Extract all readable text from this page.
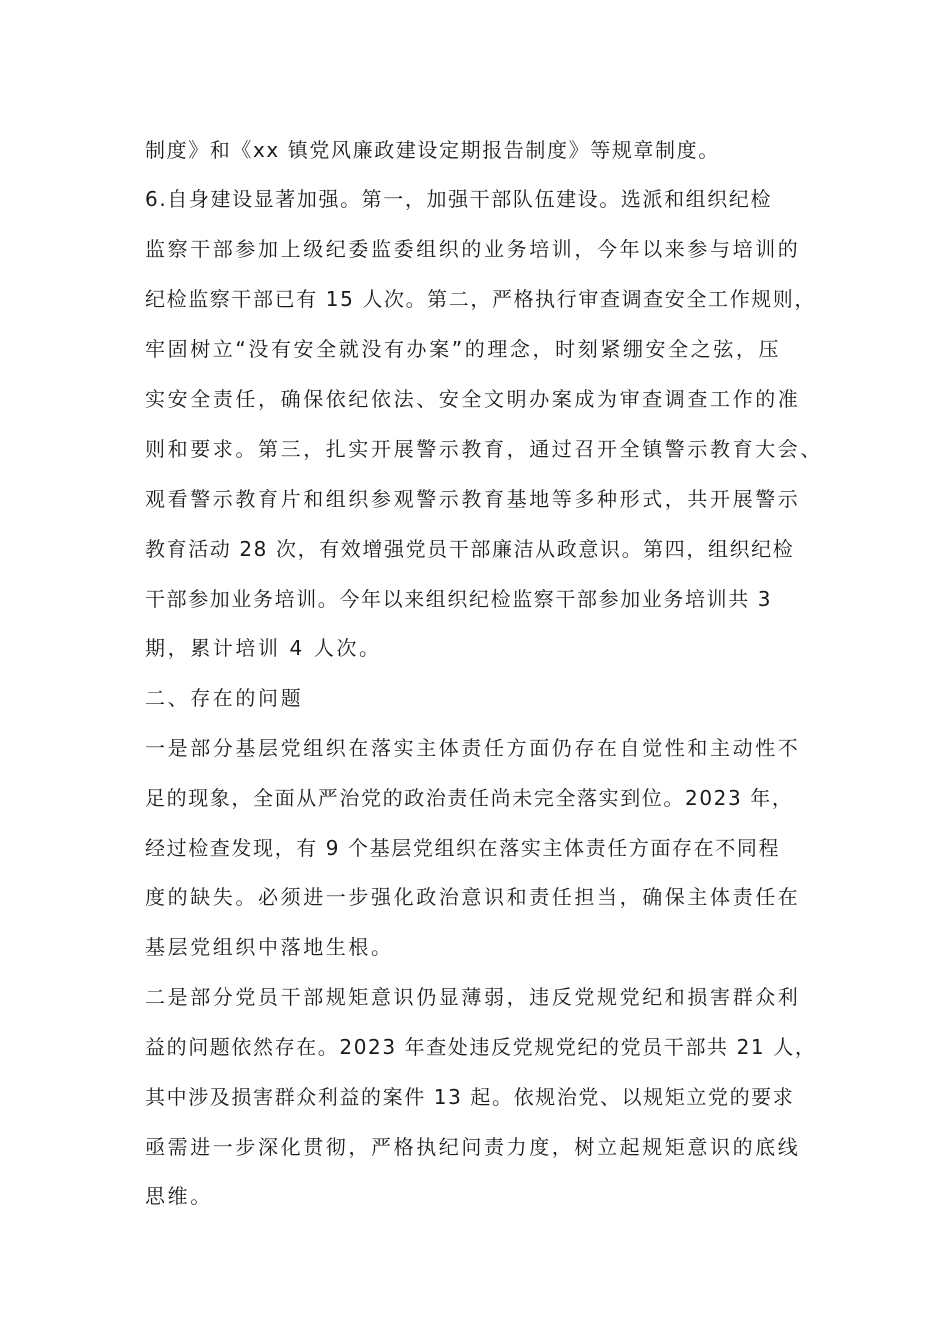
制度》和《xx 镇党风廉政建设定期报告制度》等规章制度。
6.自身建设显著加强。第一，加强干部队伍建设。选派和组织纪检
监察干部参加上级纪委监委组织的业务培训，今年以来参与培训的
纪检监察干部已有 15 人次。第二，严格执行审查调查安全工作规则，
牢固树立“没有安全就没有办案”的理念，时刻紧绷安全之弦，压
实安全责任，确保依纪依法、安全文明办案成为审查调查工作的准
则和要求。第三，扎实开展警示教育，通过召开全镇警示教育大会、
观看警示教育片和组织参观警示教育基地等多种形式，共开展警示
教育活动 28 次，有效增强党员干部廉洁从政意识。第四，组织纪检
干部参加业务培训。今年以来组织纪检监察干部参加业务培训共 3
期，累计培训 4 人次。
二、存在的问题
一是部分基层党组织在落实主体责任方面仍存在自觉性和主动性不
足的现象，全面从严治党的政治责任尚未完全落实到位。2023 年，
经过检查发现，有 9 个基层党组织在落实主体责任方面存在不同程
度的缺失。必须进一步强化政治意识和责任担当，确保主体责任在
基层党组织中落地生根。
二是部分党员干部规矩意识仍显薄弱，违反党规党纪和损害群众利
益的问题依然存在。2023 年查处违反党规党纪的党员干部共 21 人，
其中涉及损害群众利益的案件 13 起。依规治党、以规矩立党的要求
亟需进一步深化贯彻，严格执纪问责力度，树立起规矩意识的底线
思维。
